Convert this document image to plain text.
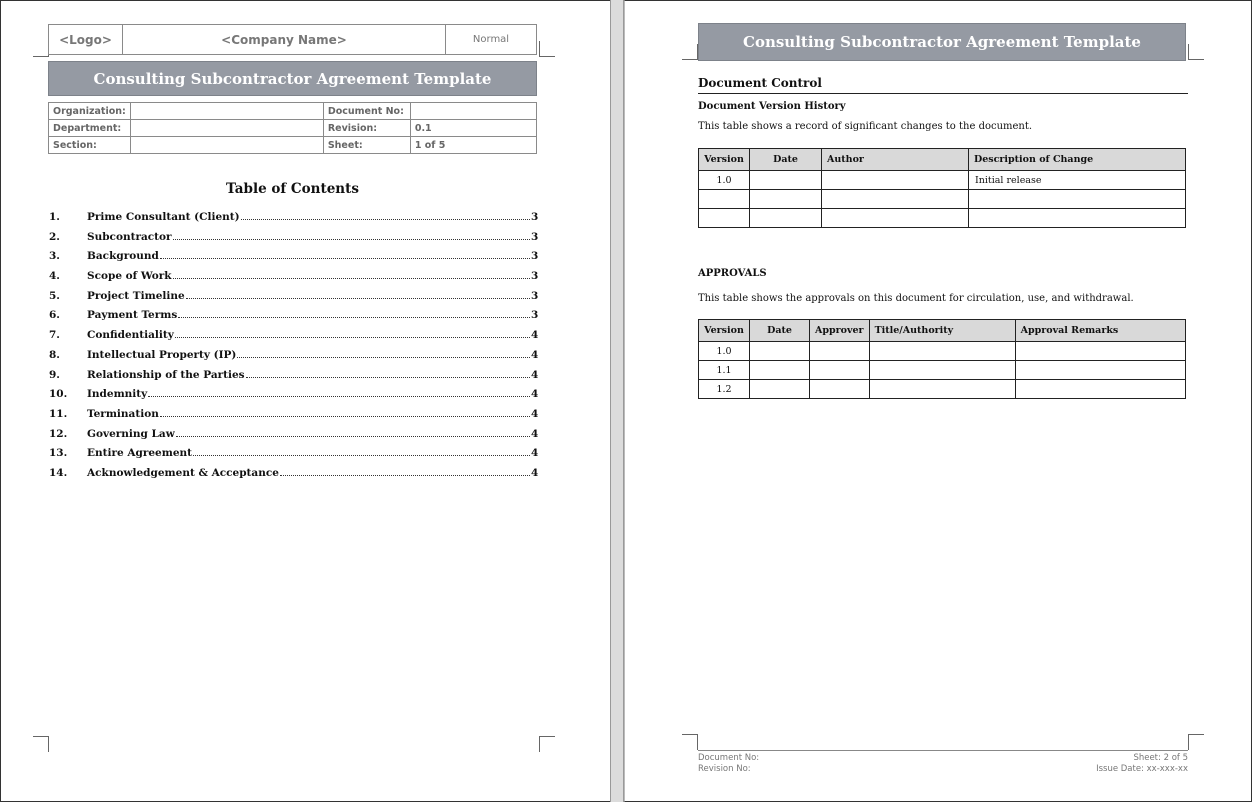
<Logo>	<Company Name>	Normal
Consulting Subcontractor Agreement Template
Organization:		Document No:	
Department:		Revision:	0.1
Section:		Sheet:	1 of 5
Table of Contents
1.	Prime Consultant (Client)	3
2.	Subcontractor	3
3.	Background	3
4.	Scope of Work	3
5.	Project Timeline	3
6.	Payment Terms	3
7.	Confidentiality	4
8.	Intellectual Property (IP)	4
9.	Relationship of the Parties	4
10.	Indemnity	4
11.	Termination	4
12.	Governing Law	4
13.	Entire Agreement	4
14.	Acknowledgement & Acceptance	4
Consulting Subcontractor Agreement Template
Document Control
Document Version History
This table shows a record of significant changes to the document.
Version	Date	Author	Description of Change
1.0			Initial release

APPROVALS
This table shows the approvals on this document for circulation, use, and withdrawal.
Version	Date	Approver	Title/Authority	Approval Remarks
1.0				
1.1				
1.2				
Document No:
Revision No:
Sheet: 2 of 5
Issue Date: xx-xxx-xx
